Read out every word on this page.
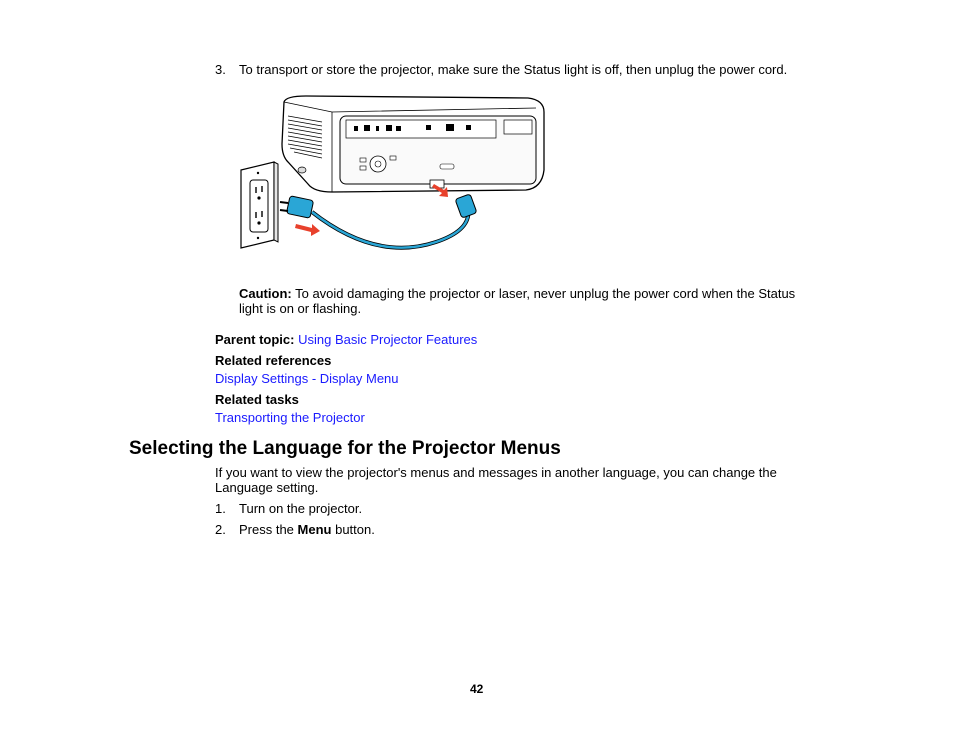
3. To transport or store the projector, make sure the Status light is off, then unplug the power cord.
Caution: To avoid damaging the projector or laser, never unplug the power cord when the Status
light is on or flashing.
Parent topic: Using Basic Projector Features
Related references
Display Settings - Display Menu
Related tasks
Transporting the Projector
Selecting the Language for the Projector Menus
If you want to view the projector's menus and messages in another language, you can change the
Language setting.
1. Turn on the projector.
2. Press the Menu button.
42
